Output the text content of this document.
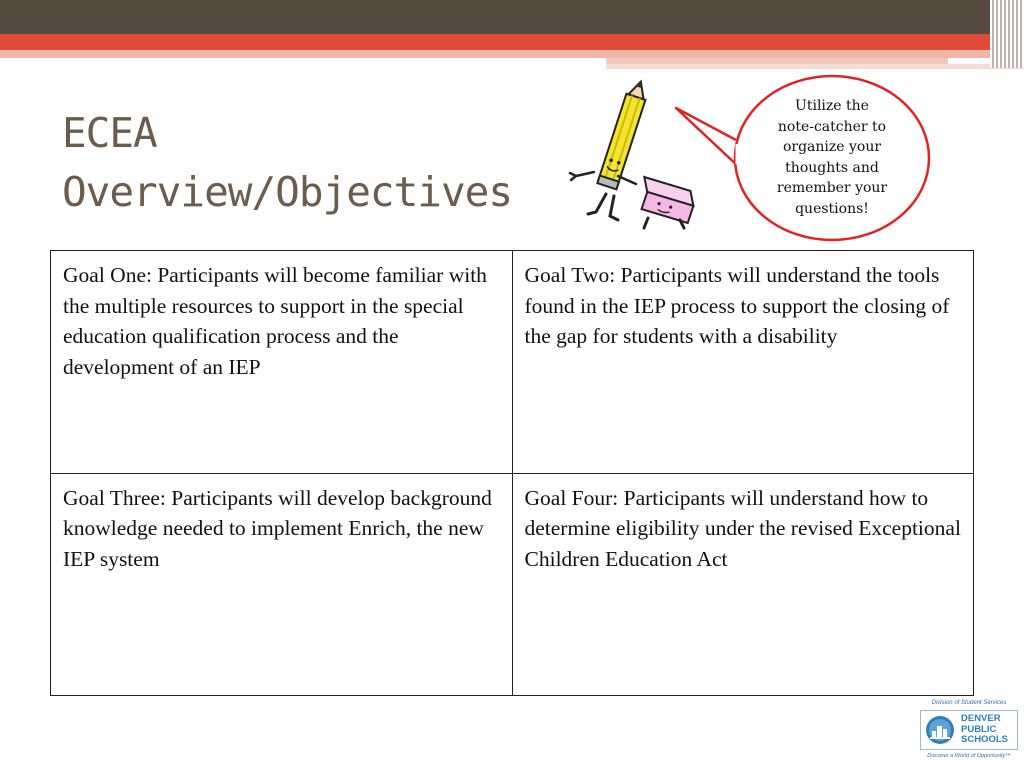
ECEA
Overview/Objectives
Utilize the
note-catcher to
organize your
thoughts and
remember your
questions!
Goal One: Participants will become familiar with the multiple resources to support in the special education qualification process and the development of an IEP	Goal Two: Participants will understand the tools found in the IEP process to support the closing of the gap for students with a disability
Goal Three: Participants will develop background knowledge needed to implement Enrich, the new IEP system	Goal Four: Participants will understand how to determine eligibility under the revised Exceptional Children Education Act
Division of Student Services
DENVER
PUBLIC
SCHOOLS
Discover a World of Opportunity™
